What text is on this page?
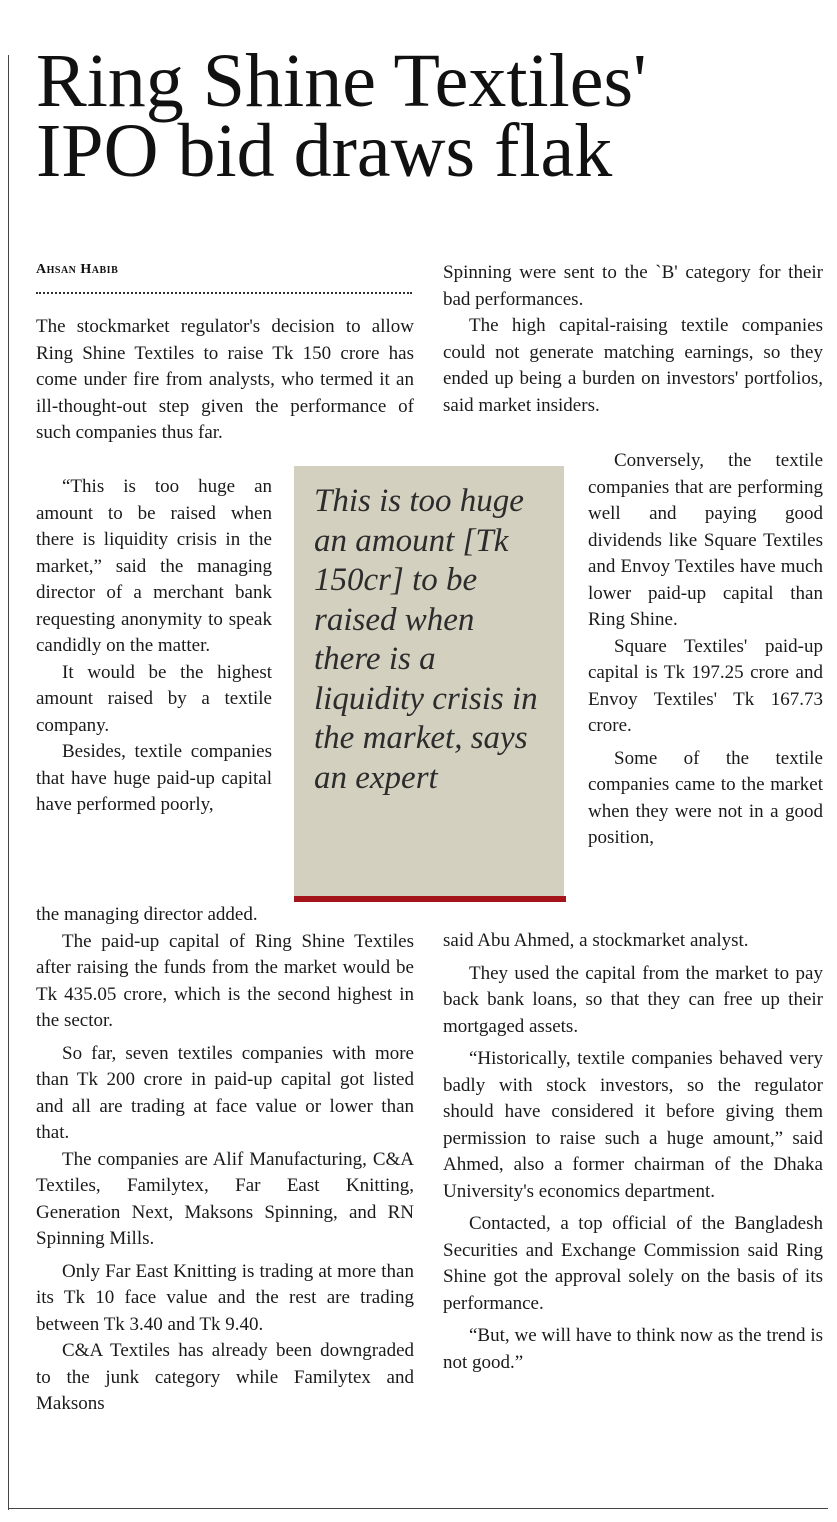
Ring Shine Textiles'
IPO bid draws flak
Ahsan Habib

The stockmarket regulator's decision to allow Ring Shine Textiles to raise Tk 150 crore has come under fire from analysts, who termed it an ill-thought-out step given the performance of such companies thus far.

“This is too huge an amount to be raised when there is liquidity crisis in the market,” said the managing director of a merchant bank requesting anonymity to speak candidly on the matter.

It would be the highest amount raised by a textile company.

Besides, textile companies that have huge paid-up capital have performed poorly,

the managing director added.

The paid-up capital of Ring Shine Textiles after raising the funds from the market would be Tk 435.05 crore, which is the second highest in the sector.

So far, seven textiles companies with more than Tk 200 crore in paid-up capital got listed and all are trading at face value or lower than that.

The companies are Alif Manufacturing, C&A Textiles, Familytex, Far East Knitting, Generation Next, Maksons Spinning, and RN Spinning Mills.

Only Far East Knitting is trading at more than its Tk 10 face value and the rest are trading between Tk 3.40 and Tk 9.40.

C&A Textiles has already been downgraded to the junk category while Familytex and Maksons

Spinning were sent to the `B' category for their bad performances.

The high capital-raising textile companies could not generate matching earnings, so they ended up being a burden on investors' portfolios, said market insiders.

Conversely, the textile companies that are performing well and paying good dividends like Square Textiles and Envoy Textiles have much lower paid-up capital than Ring Shine.

Square Textiles' paid-up capital is Tk 197.25 crore and Envoy Textiles' Tk 167.73 crore.

Some of the textile companies came to the market when they were not in a good position,

said Abu Ahmed, a stockmarket analyst.

They used the capital from the market to pay back bank loans, so that they can free up their mortgaged assets.

“Historically, textile companies behaved very badly with stock investors, so the regulator should have considered it before giving them permission to raise such a huge amount,” said Ahmed, also a former chairman of the Dhaka University's economics department.

Contacted, a top official of the Bangladesh Securities and Exchange Commission said Ring Shine got the approval solely on the basis of its performance.

“But, we will have to think now as the trend is not good.”

This is too huge an amount [Tk 150cr] to be raised when there is a liquidity crisis in the market, says an expert
